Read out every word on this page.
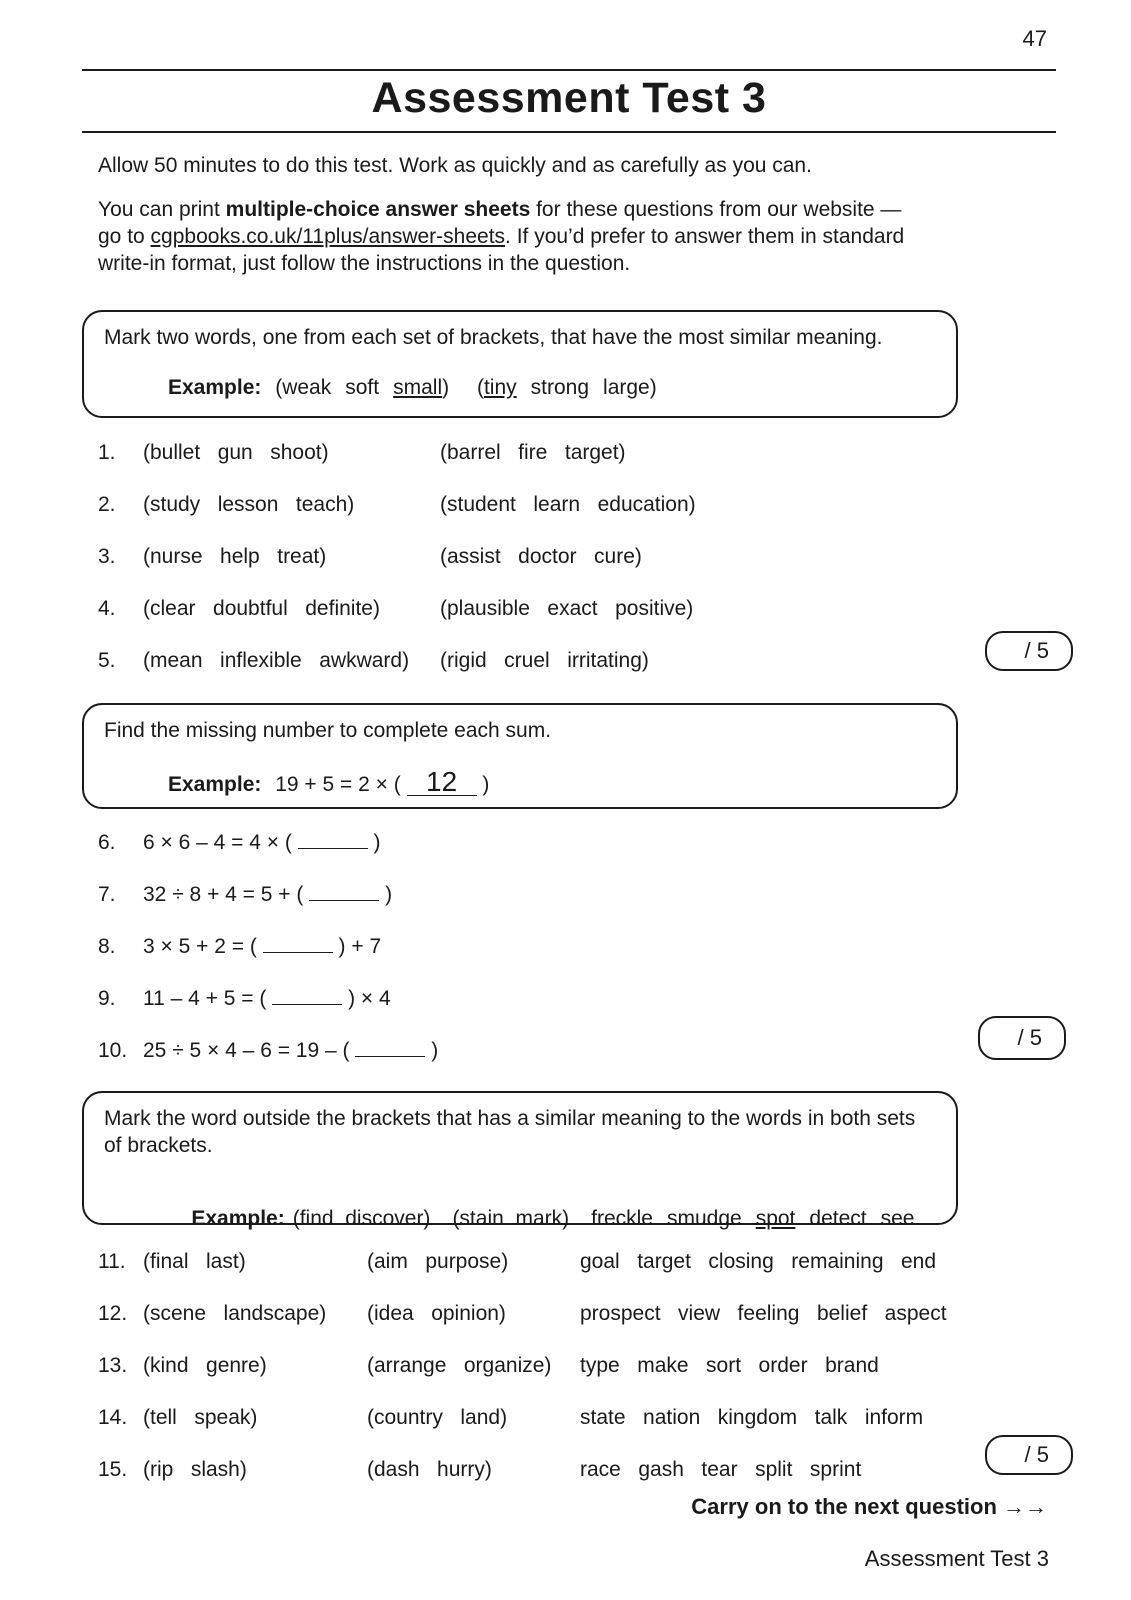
47
Assessment Test 3

Allow 50 minutes to do this test. Work as quickly and as carefully as you can.

You can print multiple-choice answer sheets for these questions from our website —
go to cgpbooks.co.uk/11plus/answer-sheets. If you’d prefer to answer them in standard
write-in format, just follow the instructions in the question.

Mark two words, one from each set of brackets, that have the most similar meaning.
Example: (weak soft small) (tiny strong large)
1. (bullet   gun   shoot)	(barrel   fire   target)
2. (study   lesson   teach)	(student   learn   education)
3. (nurse   help   treat)	(assist   doctor   cure)
4. (clear   doubtful   definite)	(plausible   exact   positive)
5. (mean   inflexible   awkward) (rigid   cruel   irritating)	/ 5
Find the missing number to complete each sum.
Example: 19 + 5 = 2 × ( 12 )
6. 6 × 6 – 4 = 4 × (	)
7. 32 ÷ 8 + 4 = 5 + (	)
8. 3 × 5 + 2 = (	) + 7
9. 11 – 4 + 5 = (	) × 4
10. 25 ÷ 5 × 4 – 6 = 19 – (	)
/ 5
Mark the word outside the brackets that has a similar meaning to the words in both sets of brackets.

Example: (find  discover) (stain  mark) freckle smudge spot detect see

11. (final   last)	(aim   purpose)	goal   target   closing   remaining   end
12. (scene   landscape) (idea   opinion)	prospect   view   feeling   belief   aspect
13. (kind   genre)	(arrange   organize) type   make   sort   order   brand
14. (tell   speak)	(country   land)	state   nation   kingdom   talk   inform
15. (rip   slash)	(dash   hurry)	race   gash   tear   split   sprint
/ 5
Carry on to the next question →→
Assessment Test 3
